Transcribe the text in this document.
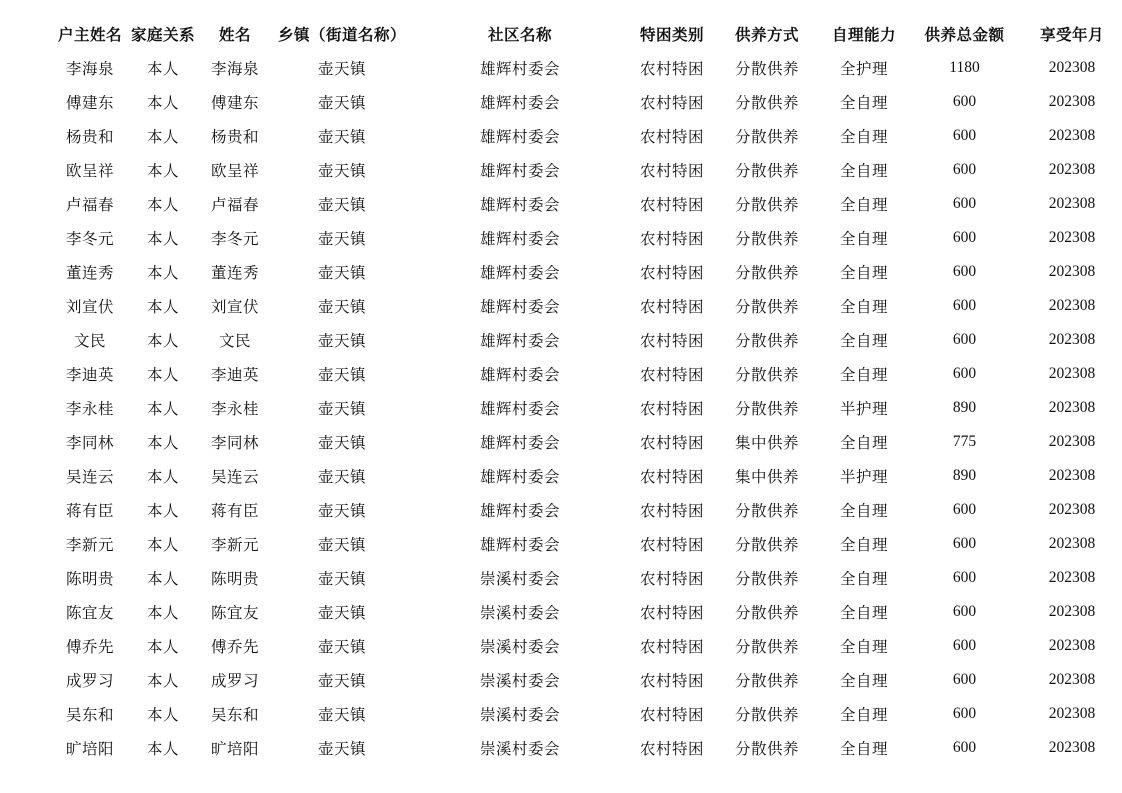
户主姓名	家庭关系	姓名	乡镇（街道名称）	社区名称	特困类别	供养方式	自理能力	供养总金额	享受年月
李海泉	本人	李海泉	壶天镇	雄辉村委会	农村特困	分散供养	全护理	1180	202308
傅建东	本人	傅建东	壶天镇	雄辉村委会	农村特困	分散供养	全自理	600	202308
杨贵和	本人	杨贵和	壶天镇	雄辉村委会	农村特困	分散供养	全自理	600	202308
欧呈祥	本人	欧呈祥	壶天镇	雄辉村委会	农村特困	分散供养	全自理	600	202308
卢福春	本人	卢福春	壶天镇	雄辉村委会	农村特困	分散供养	全自理	600	202308
李冬元	本人	李冬元	壶天镇	雄辉村委会	农村特困	分散供养	全自理	600	202308
董连秀	本人	董连秀	壶天镇	雄辉村委会	农村特困	分散供养	全自理	600	202308
刘宣伏	本人	刘宣伏	壶天镇	雄辉村委会	农村特困	分散供养	全自理	600	202308
文民	本人	文民	壶天镇	雄辉村委会	农村特困	分散供养	全自理	600	202308
李迪英	本人	李迪英	壶天镇	雄辉村委会	农村特困	分散供养	全自理	600	202308
李永桂	本人	李永桂	壶天镇	雄辉村委会	农村特困	分散供养	半护理	890	202308
李同林	本人	李同林	壶天镇	雄辉村委会	农村特困	集中供养	全自理	775	202308
吴连云	本人	吴连云	壶天镇	雄辉村委会	农村特困	集中供养	半护理	890	202308
蒋有臣	本人	蒋有臣	壶天镇	雄辉村委会	农村特困	分散供养	全自理	600	202308
李新元	本人	李新元	壶天镇	雄辉村委会	农村特困	分散供养	全自理	600	202308
陈明贵	本人	陈明贵	壶天镇	崇溪村委会	农村特困	分散供养	全自理	600	202308
陈宜友	本人	陈宜友	壶天镇	崇溪村委会	农村特困	分散供养	全自理	600	202308
傅乔先	本人	傅乔先	壶天镇	崇溪村委会	农村特困	分散供养	全自理	600	202308
成罗习	本人	成罗习	壶天镇	崇溪村委会	农村特困	分散供养	全自理	600	202308
吴东和	本人	吴东和	壶天镇	崇溪村委会	农村特困	分散供养	全自理	600	202308
旷培阳	本人	旷培阳	壶天镇	崇溪村委会	农村特困	分散供养	全自理	600	202308
